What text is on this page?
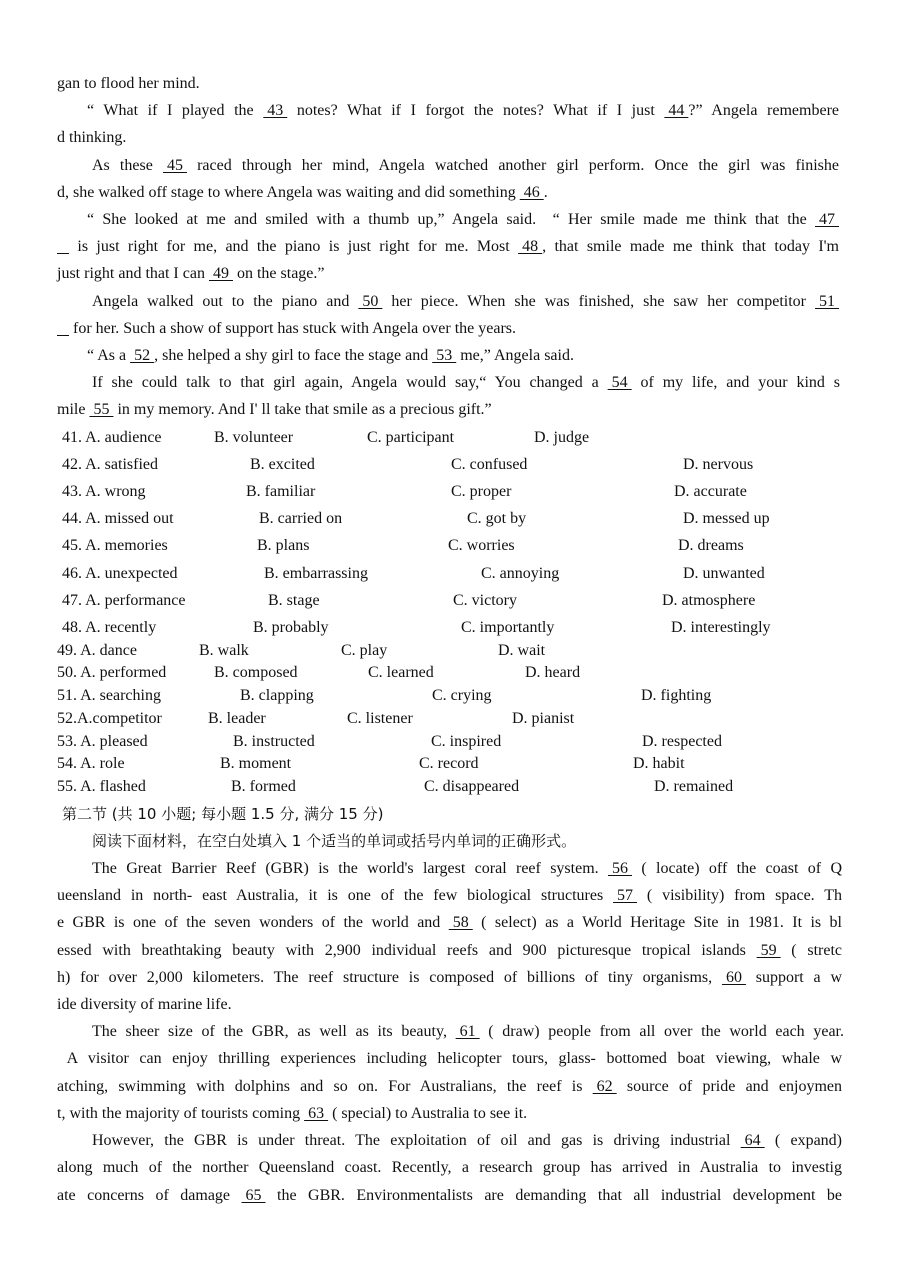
gan to flood her mind.
“ What if I played the  43  notes? What if I forgot the notes? What if I just  44 ?” Angela remembere
d thinking.
As these  45  raced through her mind, Angela watched another girl perform. Once the girl was finishe
d, she walked off stage to where Angela was waiting and did something  46 .
“ She looked at me and smiled with a thumb up,” Angela said.  “ Her smile made me think that the  47
is just right for me, and the piano is just right for me. Most  48 , that smile made me think that today I'm
just right and that I can  49  on the stage.”
Angela walked out to the piano and  50  her piece. When she was finished, she saw her competitor  51
for her. Such a show of support has stuck with Angela over the years.
“ As a  52 , she helped a shy girl to face the stage and  53  me,” Angela said.
If she could talk to that girl again, Angela would say,“ You changed a  54  of my life, and your kind s
mile  55  in my memory. And I' ll take that smile as a precious gift.”
41. A. audience	B. volunteer	C. participant	D. judge
42. A. satisfied	B. excited	C. confused	D. nervous
43. A. wrong	B. familiar	C. proper	D. accurate
44. A. missed out	B. carried on	C. got by	D. messed up
45. A. memories	B. plans	C. worries	D. dreams
46. A. unexpected	B. embarrassing	C. annoying	D. unwanted
47. A. performance	B. stage	C. victory	D. atmosphere
48. A. recently	B. probably	C. importantly	D. interestingly
49. A. dance	B. walk	C. play	D. wait
50. A. performed	B. composed	C. learned	D. heard
51. A. searching	B. clapping	C. crying	D. fighting
52.A.competitor	B. leader	C. listener	D. pianist
53. A. pleased	B. instructed	C. inspired	D. respected
54. A. role	B. moment	C. record	D. habit
55. A. flashed	B. formed	C. disappeared	D. remained
第二节 (共 10 小题; 每小题 1.5 分, 满分 15 分)
阅读下面材料，在空白处填入 1 个适当的单词或括号内单词的正确形式。
The Great Barrier Reef (GBR) is the world's largest coral reef system.  56  ( locate) off the coast of Q
ueensland in north- east Australia, it is one of the few biological structures  57  ( visibility) from space. Th
e GBR is one of the seven wonders of the world and  58  ( select) as a World Heritage Site in 1981. It is bl
essed with breathtaking beauty with 2,900 individual reefs and 900 picturesque tropical islands  59  ( stretc
h) for over 2,000 kilometers. The reef structure is composed of billions of tiny organisms,  60  support a w
ide diversity of marine life.
The sheer size of the GBR, as well as its beauty,  61  ( draw) people from all over the world each year.
A visitor can enjoy thrilling experiences including helicopter tours, glass- bottomed boat viewing, whale w
atching, swimming with dolphins and so on. For Australians, the reef is  62  source of pride and enjoymen
t, with the majority of tourists coming  63  ( special) to Australia to see it.
However, the GBR is under threat. The exploitation of oil and gas is driving industrial  64  ( expand)
along much of the norther Queensland coast. Recently, a research group has arrived in Australia to investig
ate concerns of damage  65  the GBR. Environmentalists are demanding that all industrial development be
